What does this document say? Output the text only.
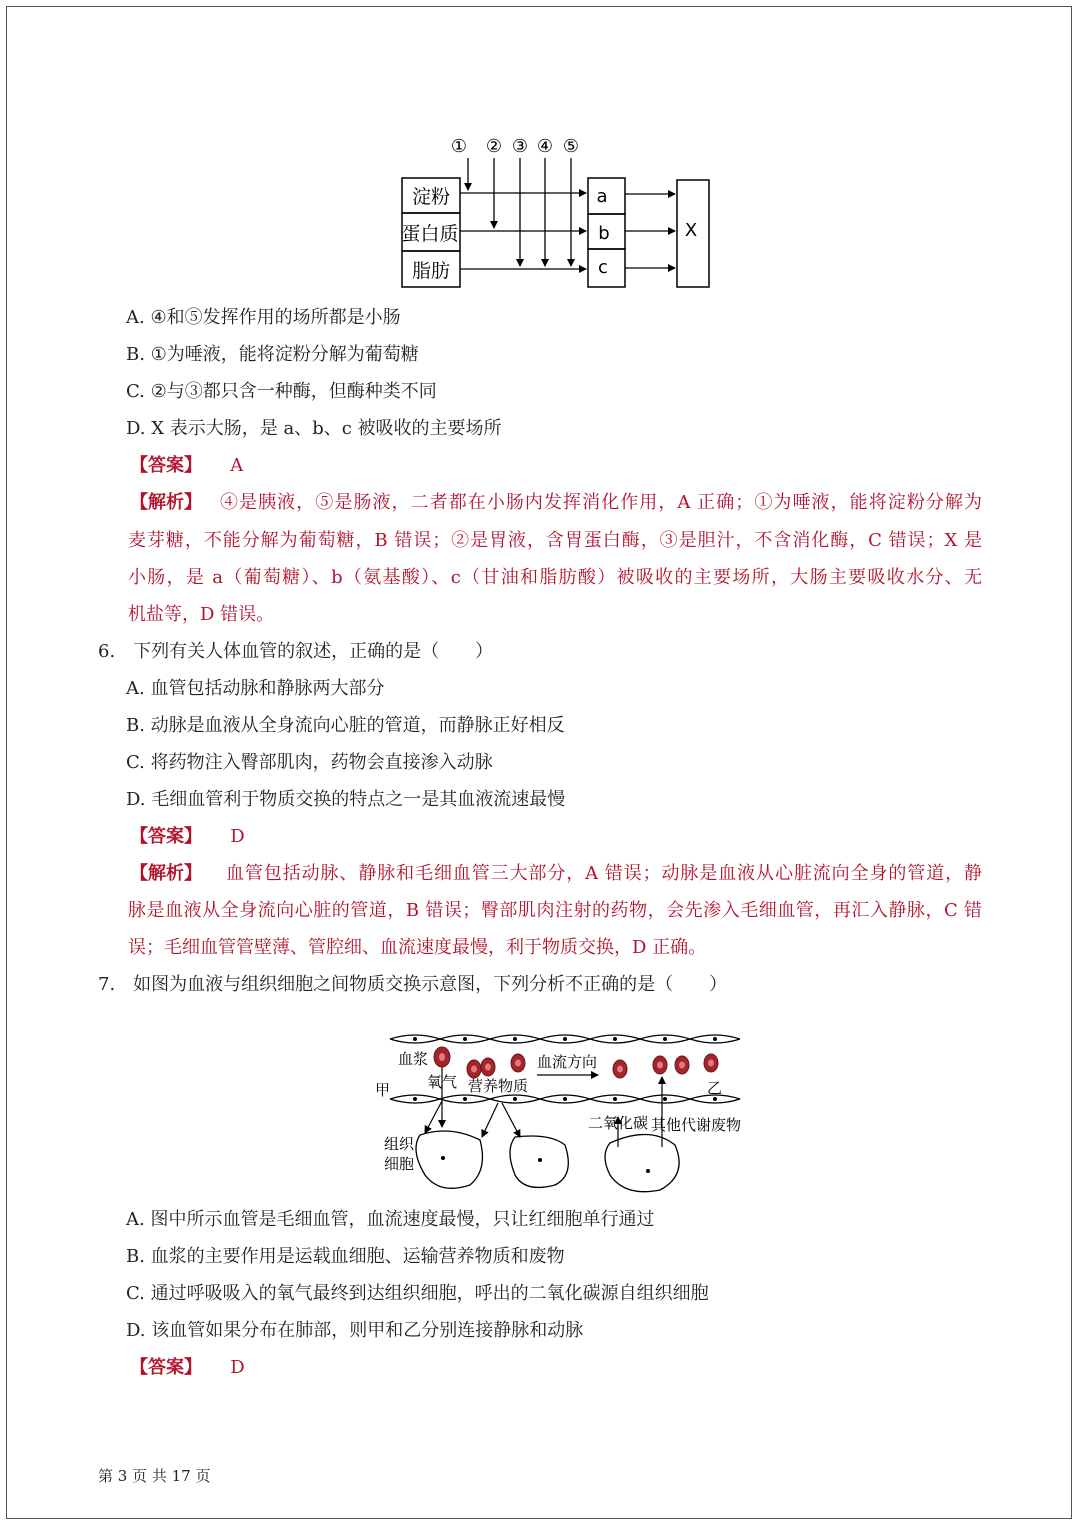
① ② ③ ④ ⑤
淀粉
蛋白质
脂肪
a
b
c
X
A. ④和⑤发挥作用的场所都是小肠
B. ①为唾液，能将淀粉分解为葡萄糖
C. ②与③都只含一种酶，但酶种类不同
D. X 表示大肠，是 a、b、c 被吸收的主要场所
【答案】 A
【解析】 ④是胰液，⑤是肠液，二者都在小肠内发挥消化作用，A 正确；①为唾液，能将淀粉分解为
麦芽糖，不能分解为葡萄糖，B 错误；②是胃液，含胃蛋白酶，③是胆汁，不含消化酶，C 错误；X 是
小肠，是 a（葡萄糖）、b（氨基酸）、c（甘油和脂肪酸）被吸收的主要场所，大肠主要吸收水分、无
机盐等，D 错误。
6.　下列有关人体血管的叙述，正确的是（　　）
A. 血管包括动脉和静脉两大部分
B. 动脉是血液从全身流向心脏的管道，而静脉正好相反
C. 将药物注入臀部肌肉，药物会直接渗入动脉
D. 毛细血管利于物质交换的特点之一是其血液流速最慢
【答案】 D
【解析】 血管包括动脉、静脉和毛细血管三大部分，A 错误；动脉是血液从心脏流向全身的管道，静
脉是血液从全身流向心脏的管道，B 错误；臀部肌肉注射的药物，会先渗入毛细血管，再汇入静脉，C 错
误；毛细血管管壁薄、管腔细、血流速度最慢，利于物质交换，D 正确。
7.　如图为血液与组织细胞之间物质交换示意图，下列分析不正确的是（　　）
血浆	血流方向
甲	乙
氧气 营养物质
二氧化碳 其他代谢废物
组织
细胞
A. 图中所示血管是毛细血管，血流速度最慢，只让红细胞单行通过
B. 血浆的主要作用是运载血细胞、运输营养物质和废物
C. 通过呼吸吸入的氧气最终到达组织细胞，呼出的二氧化碳源自组织细胞
D. 该血管如果分布在肺部，则甲和乙分别连接静脉和动脉
【答案】 D
第 3 页 共 17 页
